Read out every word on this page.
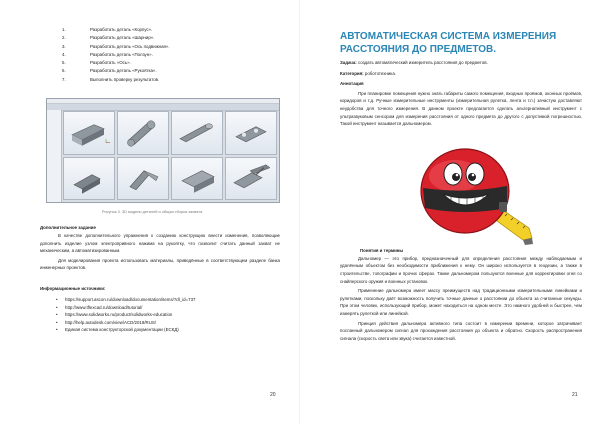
1.	Разработать деталь «Корпус».
2.	Разработать деталь «Шарнир».
3.	Разработать деталь «Ось подвижная».
4.	Разработать деталь «Ползун».
5.	Разработать «Ось».
6.	Разработать деталь «Рукоятка».
7.	Выполнить проверку результатов.
Рисунок 3. 3D модели деталей и общая сборка захвата
Дополнительное задание

В качестве дополнительного упражнения к созданию конструкцию внести изменения, позволяющие дополнить изделие узлом электропривного нажима на рукоятку, что позволит считать данный захват не механическим, а автоматизированным.

Для моделирования проекта использовать материалы, приведённые в соответствующем разделе банка инженерных проектов.

Информационные источники:
•	https://support.ascon.ru/download/documentation/items/?dl_id=737
•	http://www.tflexcad.ru/download/tutorial/
•	https://www.solidworks.ru/product/solidworks-education
•	http://help.autodesk.com/view/ACD/2018/RUS/
•	Единая система конструкторской документации (ЕСКД)
20
АВТОМАТИЧЕСКАЯ СИСТЕМА ИЗМЕРЕНИЯ РАССТОЯНИЯ ДО ПРЕДМЕТОВ.
Задача: создать автоматический измеритель расстояния до предметов.
Категория: робототехника.
Аннотация

При планировке помещения нужно знать габариты самого помещения, входных проёмов, оконных проёмов, коридоров и т.д. Ручные измерительные инструменты (измерительная рулетка, лента и т.п.) зачастую доставляют неудобства для точного измерения. В данном проекте предлагается сделать альтернативный инструмент с ультразвуковым сенсором для измерения расстояния от одного предмета до другого с допустимой погрешностью. Такой инструмент называется дальномером.

Понятия и термины

Дальномер — это прибор, предназначенный для определения расстояния между наблюдаемым и удалённым объектом без необходимости приближения к нему. Он широко используется в геодезии, а также в строительстве, топографии и прочих сферах. Также дальномером пользуются военные для корректировки огня со снайперского оружия и военных установок.

Применение дальномера имеет массу преимуществ над традиционными измерительными линейками и рулетками, поскольку даёт возможность получить точные данные о расстоянии до объекта за считанные секунды. При этом человек, использующий прибор, может находиться на одном месте. Это намного удобней и быстрее, чем измерять рулеткой или линейкой.

Принцип действия дальномера активного типа состоит в измерении времени, которое затрачивает посланный дальномером сигнал для прохождения расстояния до объекта и обратно. Скорость распространения сигнала (скорость света или звука) считается известной.

21
